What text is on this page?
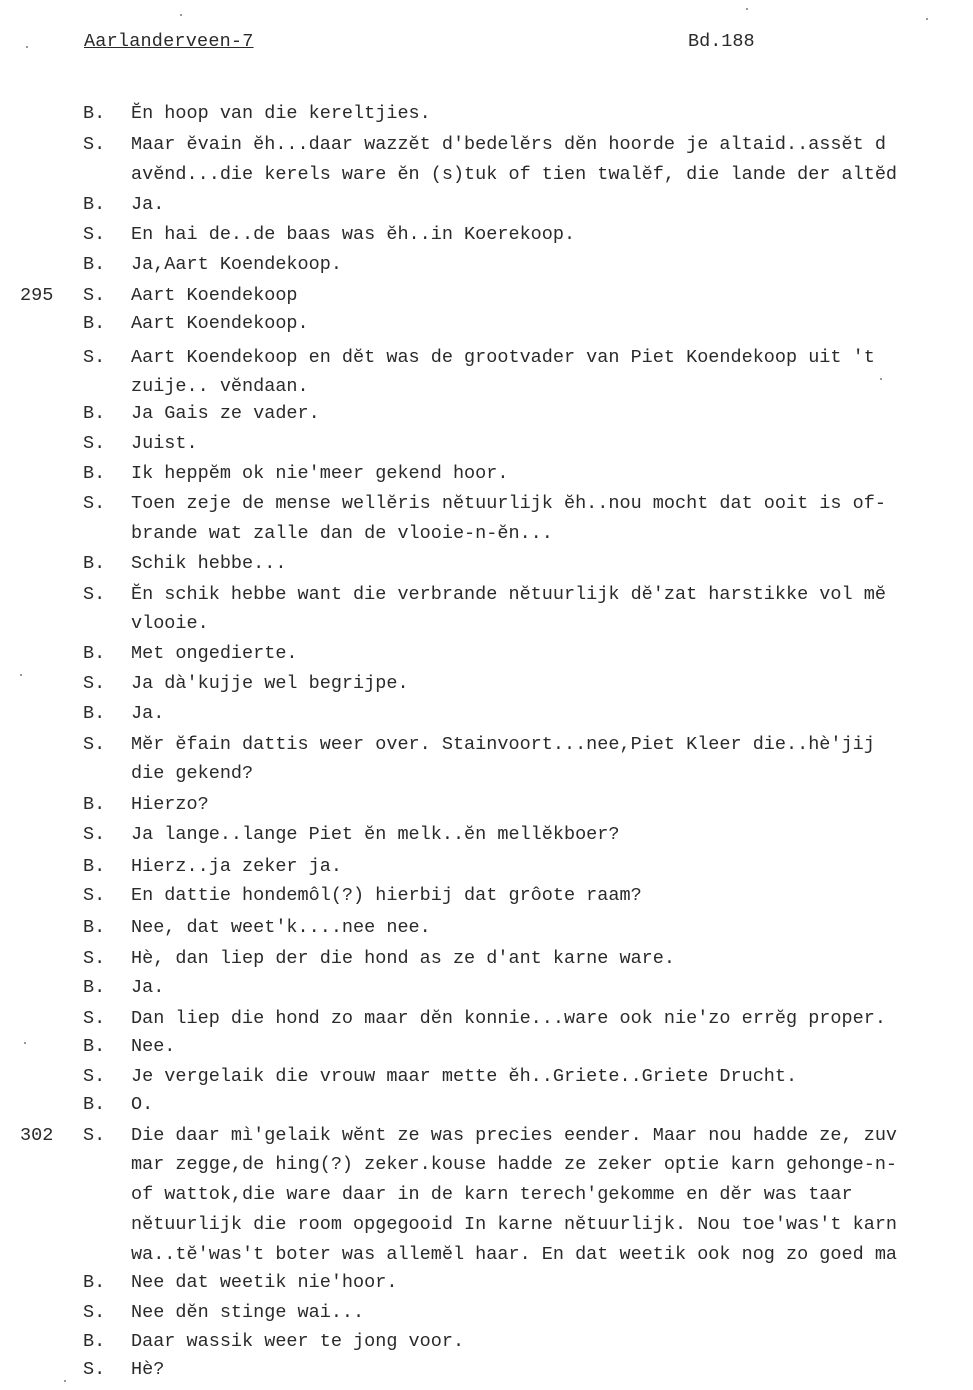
Aarlanderveen-7	Bd.188
B.	Ĕn hoop van die kereltjies.
S.	Maar ĕvain ĕh...daar wazzĕt d'bedelĕrs dĕn hoorde je altaid..assĕt d
avĕnd...die kerels ware ĕn (s)tuk of tien twalĕf, die lande der altĕd
B.	Ja.
S.	En hai de..de baas was ĕh..in Koerekoop.
B.	Ja,Aart Koendekoop.
295	S.	Aart Koendekoop
B.	Aart Koendekoop.
S.	Aart Koendekoop en dĕt was de grootvader van Piet Koendekoop uit 't
zuije.. vĕndaan.
B.	Ja Gais ze vader.
S.	Juist.
B.	Ik heppĕm ok nie'meer gekend hoor.
S.	Toen zeje de mense wellĕris nĕtuurlijk ĕh..nou mocht dat ooit is of-
brande wat zalle dan de vlooie-n-ĕn...
B.	Schik hebbe...
S.	Ĕn schik hebbe want die verbrande nĕtuurlijk dĕ'zat harstikke vol mĕ
vlooie.
B.	Met ongedierte.
S.	Ja dà'kujje wel begrijpe.
B.	Ja.
S.	Mĕr ĕfain dattis weer over. Stainvoort...nee,Piet Kleer die..hè'jij
die gekend?
B.	Hierzo?
S.	Ja lange..lange Piet ĕn melk..ĕn mellĕkboer?
B.	Hierz..ja zeker ja.
S.	En dattie hondemôl(?) hierbij dat grôote raam?
B.	Nee, dat weet'k....nee nee.
S.	Hè, dan liep der die hond as ze d'ant karne ware.
B.	Ja.
S.	Dan liep die hond zo maar dĕn konnie...ware ook nie'zo errĕg proper.
B.	Nee.
S.	Je vergelaik die vrouw maar mette ĕh..Griete..Griete Drucht.
B.	O.
302	S.	Die daar mì'gelaik wĕnt ze was precies eender. Maar nou hadde ze, zuv
mar zegge,de hing(?) zeker.kouse hadde ze zeker optie karn gehonge-n-
of wattok,die ware daar in de karn terech'gekomme en dĕr was taar
nĕtuurlijk die room opgegooid In karne nĕtuurlijk. Nou toe'was't karn
wa..tĕ'was't boter was allemĕl haar. En dat weetik ook nog zo goed ma
B.	Nee dat weetik nie'hoor.
S.	Nee dĕn stinge wai...
B.	Daar wassik weer te jong voor.
S.	Hè?
